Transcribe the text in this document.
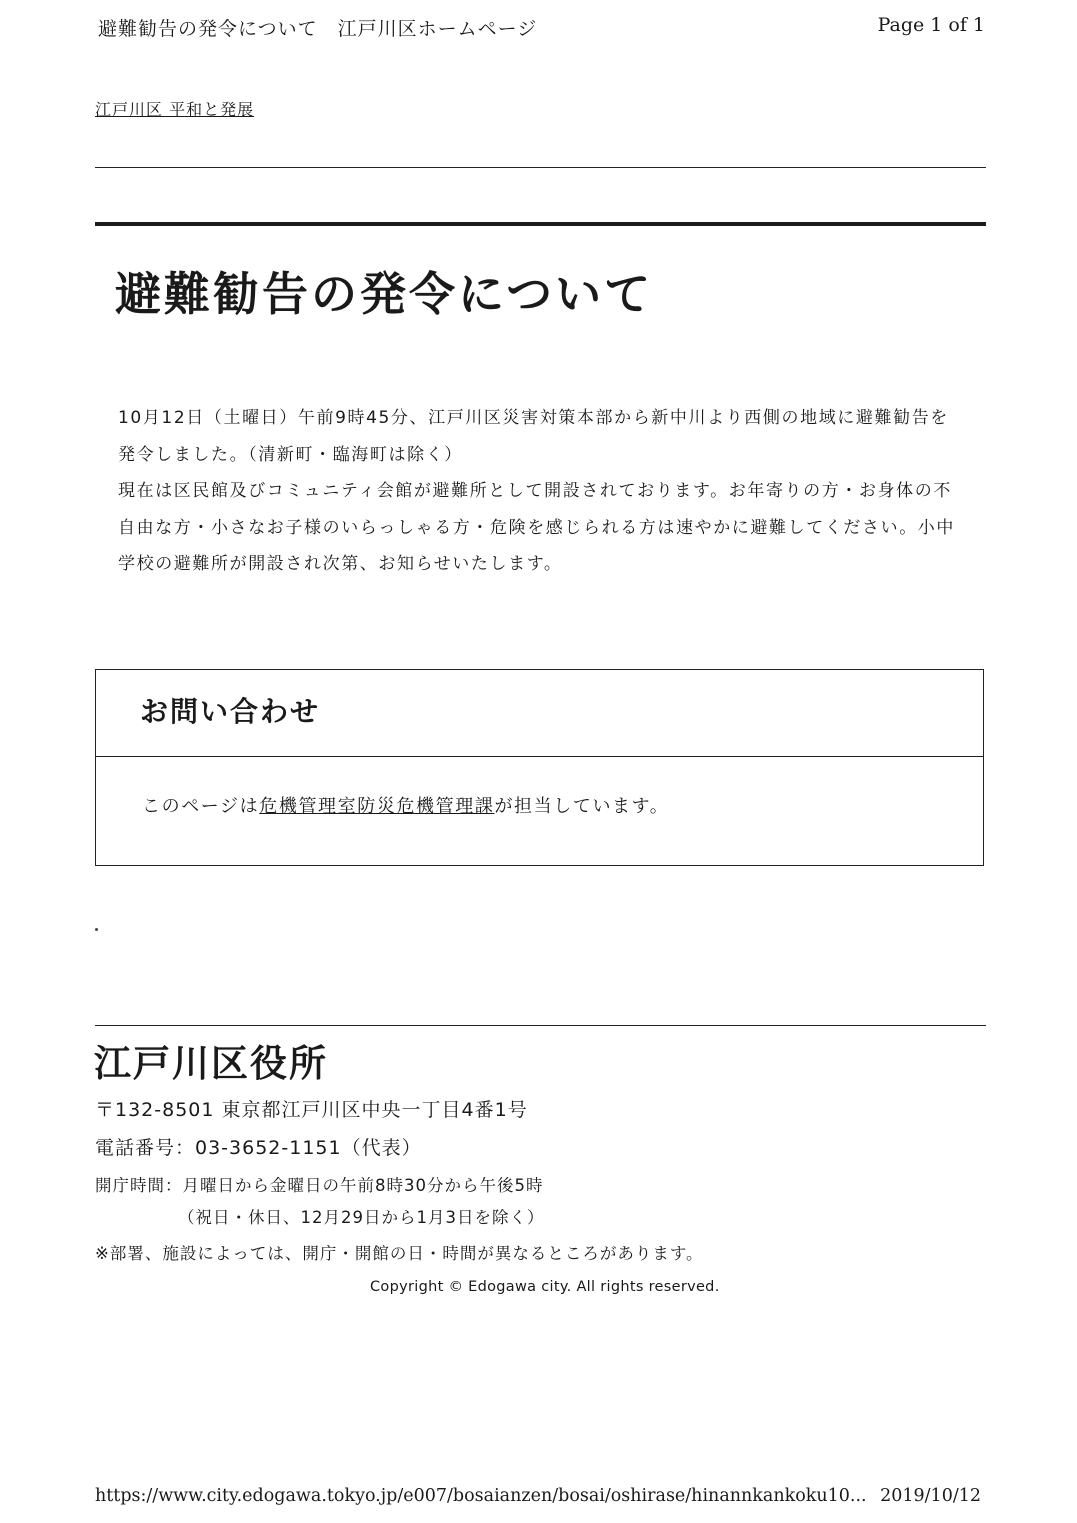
避難勧告の発令について　江戸川区ホームページ	Page 1 of 1
江戸川区 平和と発展
避難勧告の発令について

10月12日（土曜日）午前9時45分、江戸川区災害対策本部から新中川より西側の地域に避難勧告を発令しました。（清新町・臨海町は除く）

現在は区民館及びコミュニティ会館が避難所として開設されております。お年寄りの方・お身体の不自由な方・小さなお子様のいらっしゃる方・危険を感じられる方は速やかに避難してください。小中学校の避難所が開設され次第、お知らせいたします。

お問い合わせ
このページは危機管理室防災危機管理課が担当しています。
江戸川区役所
〒132-8501 東京都江戸川区中央一丁目4番1号
電話番号：03-3652-1151（代表）
開庁時間：月曜日から金曜日の午前8時30分から午後5時
（祝日・休日、12月29日から1月3日を除く）
※部署、施設によっては、開庁・開館の日・時間が異なるところがあります。
Copyright © Edogawa city. All rights reserved.
https://www.city.edogawa.tokyo.jp/e007/bosaianzen/bosai/oshirase/hinannkankoku10... 2019/10/12
